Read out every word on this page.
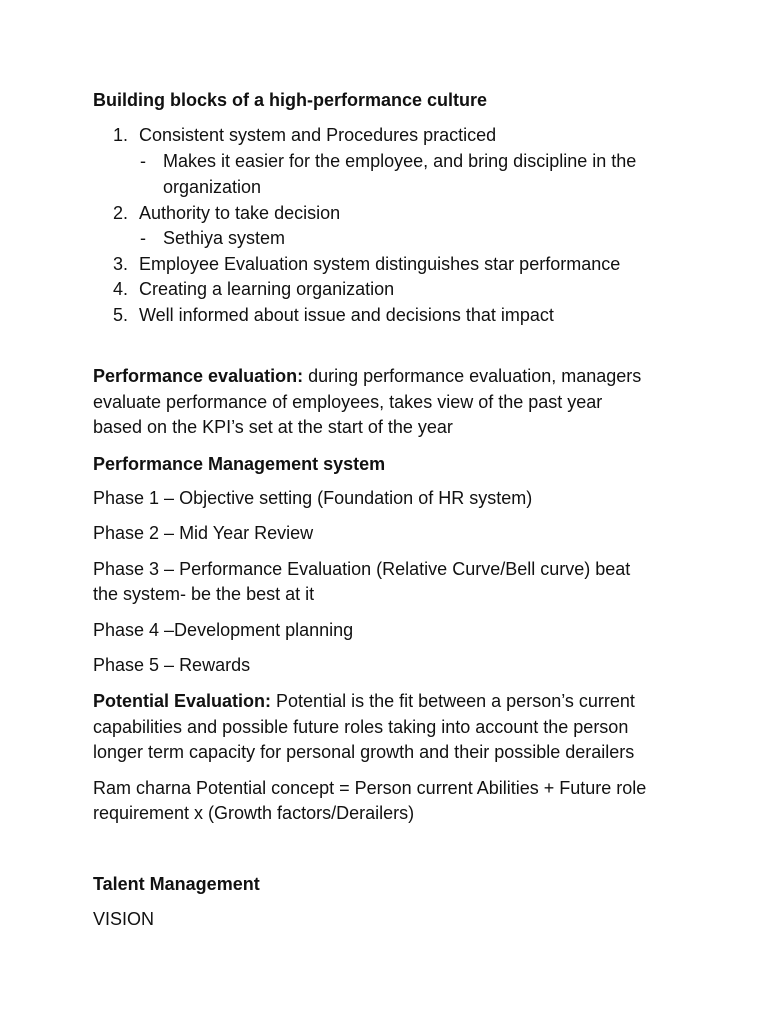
Building blocks of a high-performance culture
1. Consistent system and Procedures practiced
- Makes it easier for the employee, and bring discipline in the
organization
2. Authority to take decision
- Sethiya system
3. Employee Evaluation system distinguishes star performance
4. Creating a learning organization
5. Well informed about issue and decisions that impact
Performance evaluation: during performance evaluation, managers
evaluate performance of employees, takes view of the past year
based on the KPI’s set at the start of the year
Performance Management system
Phase 1 – Objective setting (Foundation of HR system)
Phase 2 – Mid Year Review
Phase 3 – Performance Evaluation (Relative Curve/Bell curve) beat
the system- be the best at it
Phase 4 –Development planning
Phase 5 – Rewards
Potential Evaluation: Potential is the fit between a person’s current
capabilities and possible future roles taking into account the person
longer term capacity for personal growth and their possible derailers
Ram charna Potential concept = Person current Abilities + Future role
requirement x (Growth factors/Derailers)
Talent Management
VISION
